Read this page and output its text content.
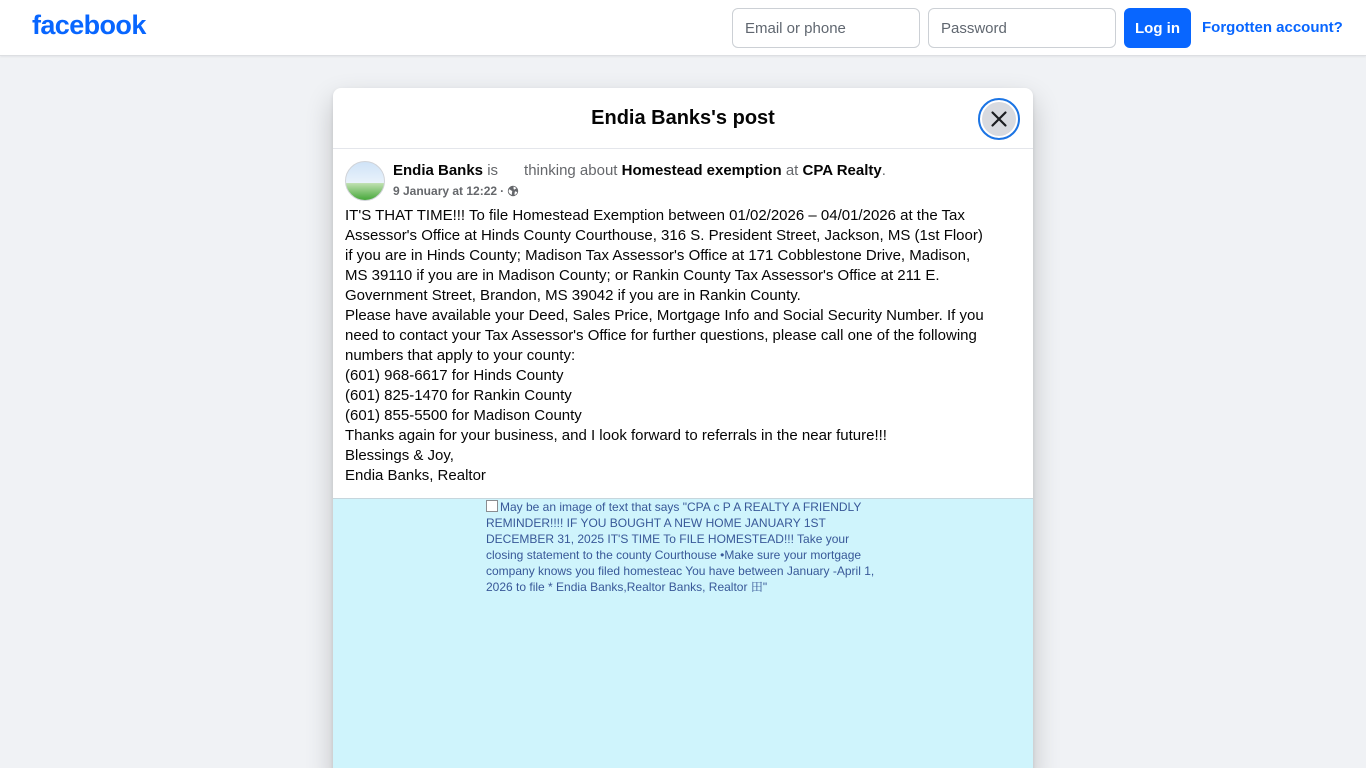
facebook
Email or phone	Log in	Forgotten account?
Endia Banks's post
Endia Banks is thinking about Homestead exemption at CPA Realty.
9 January at 12:22 ·

IT'S THAT TIME!!! To file Homestead Exemption between 01/02/2026 – 04/01/2026 at the Tax Assessor's Office at Hinds County Courthouse, 316 S. President Street, Jackson, MS (1st Floor) if you are in Hinds County; Madison Tax Assessor's Office at 171 Cobblestone Drive, Madison, MS 39110 if you are in Madison County; or Rankin County Tax Assessor's Office at 211 E. Government Street, Brandon, MS 39042 if you are in Rankin County.

Please have available your Deed, Sales Price, Mortgage Info and Social Security Number. If you need to contact your Tax Assessor's Office for further questions, please call one of the following numbers that apply to your county:

(601) 968-6617 for Hinds County

(601) 825-1470 for Rankin County

(601) 855-5500 for Madison County

Thanks again for your business, and I look forward to referrals in the near future!!!

Blessings & Joy,

Endia Banks, Realtor

May be an image of text that says "CPA c P A REALTY A FRIENDLY REMINDER!!!! IF YOU BOUGHT A NEW HOME JANUARY 1ST DECEMBER 31, 2025 IT'S TIME To FILE HOMESTEAD!!! Take your closing statement to the county Courthouse •Make sure your mortgage company knows you filed homesteac You have between January -April 1, 2026 to file * Endia Banks,Realtor Banks, Realtor 田"
